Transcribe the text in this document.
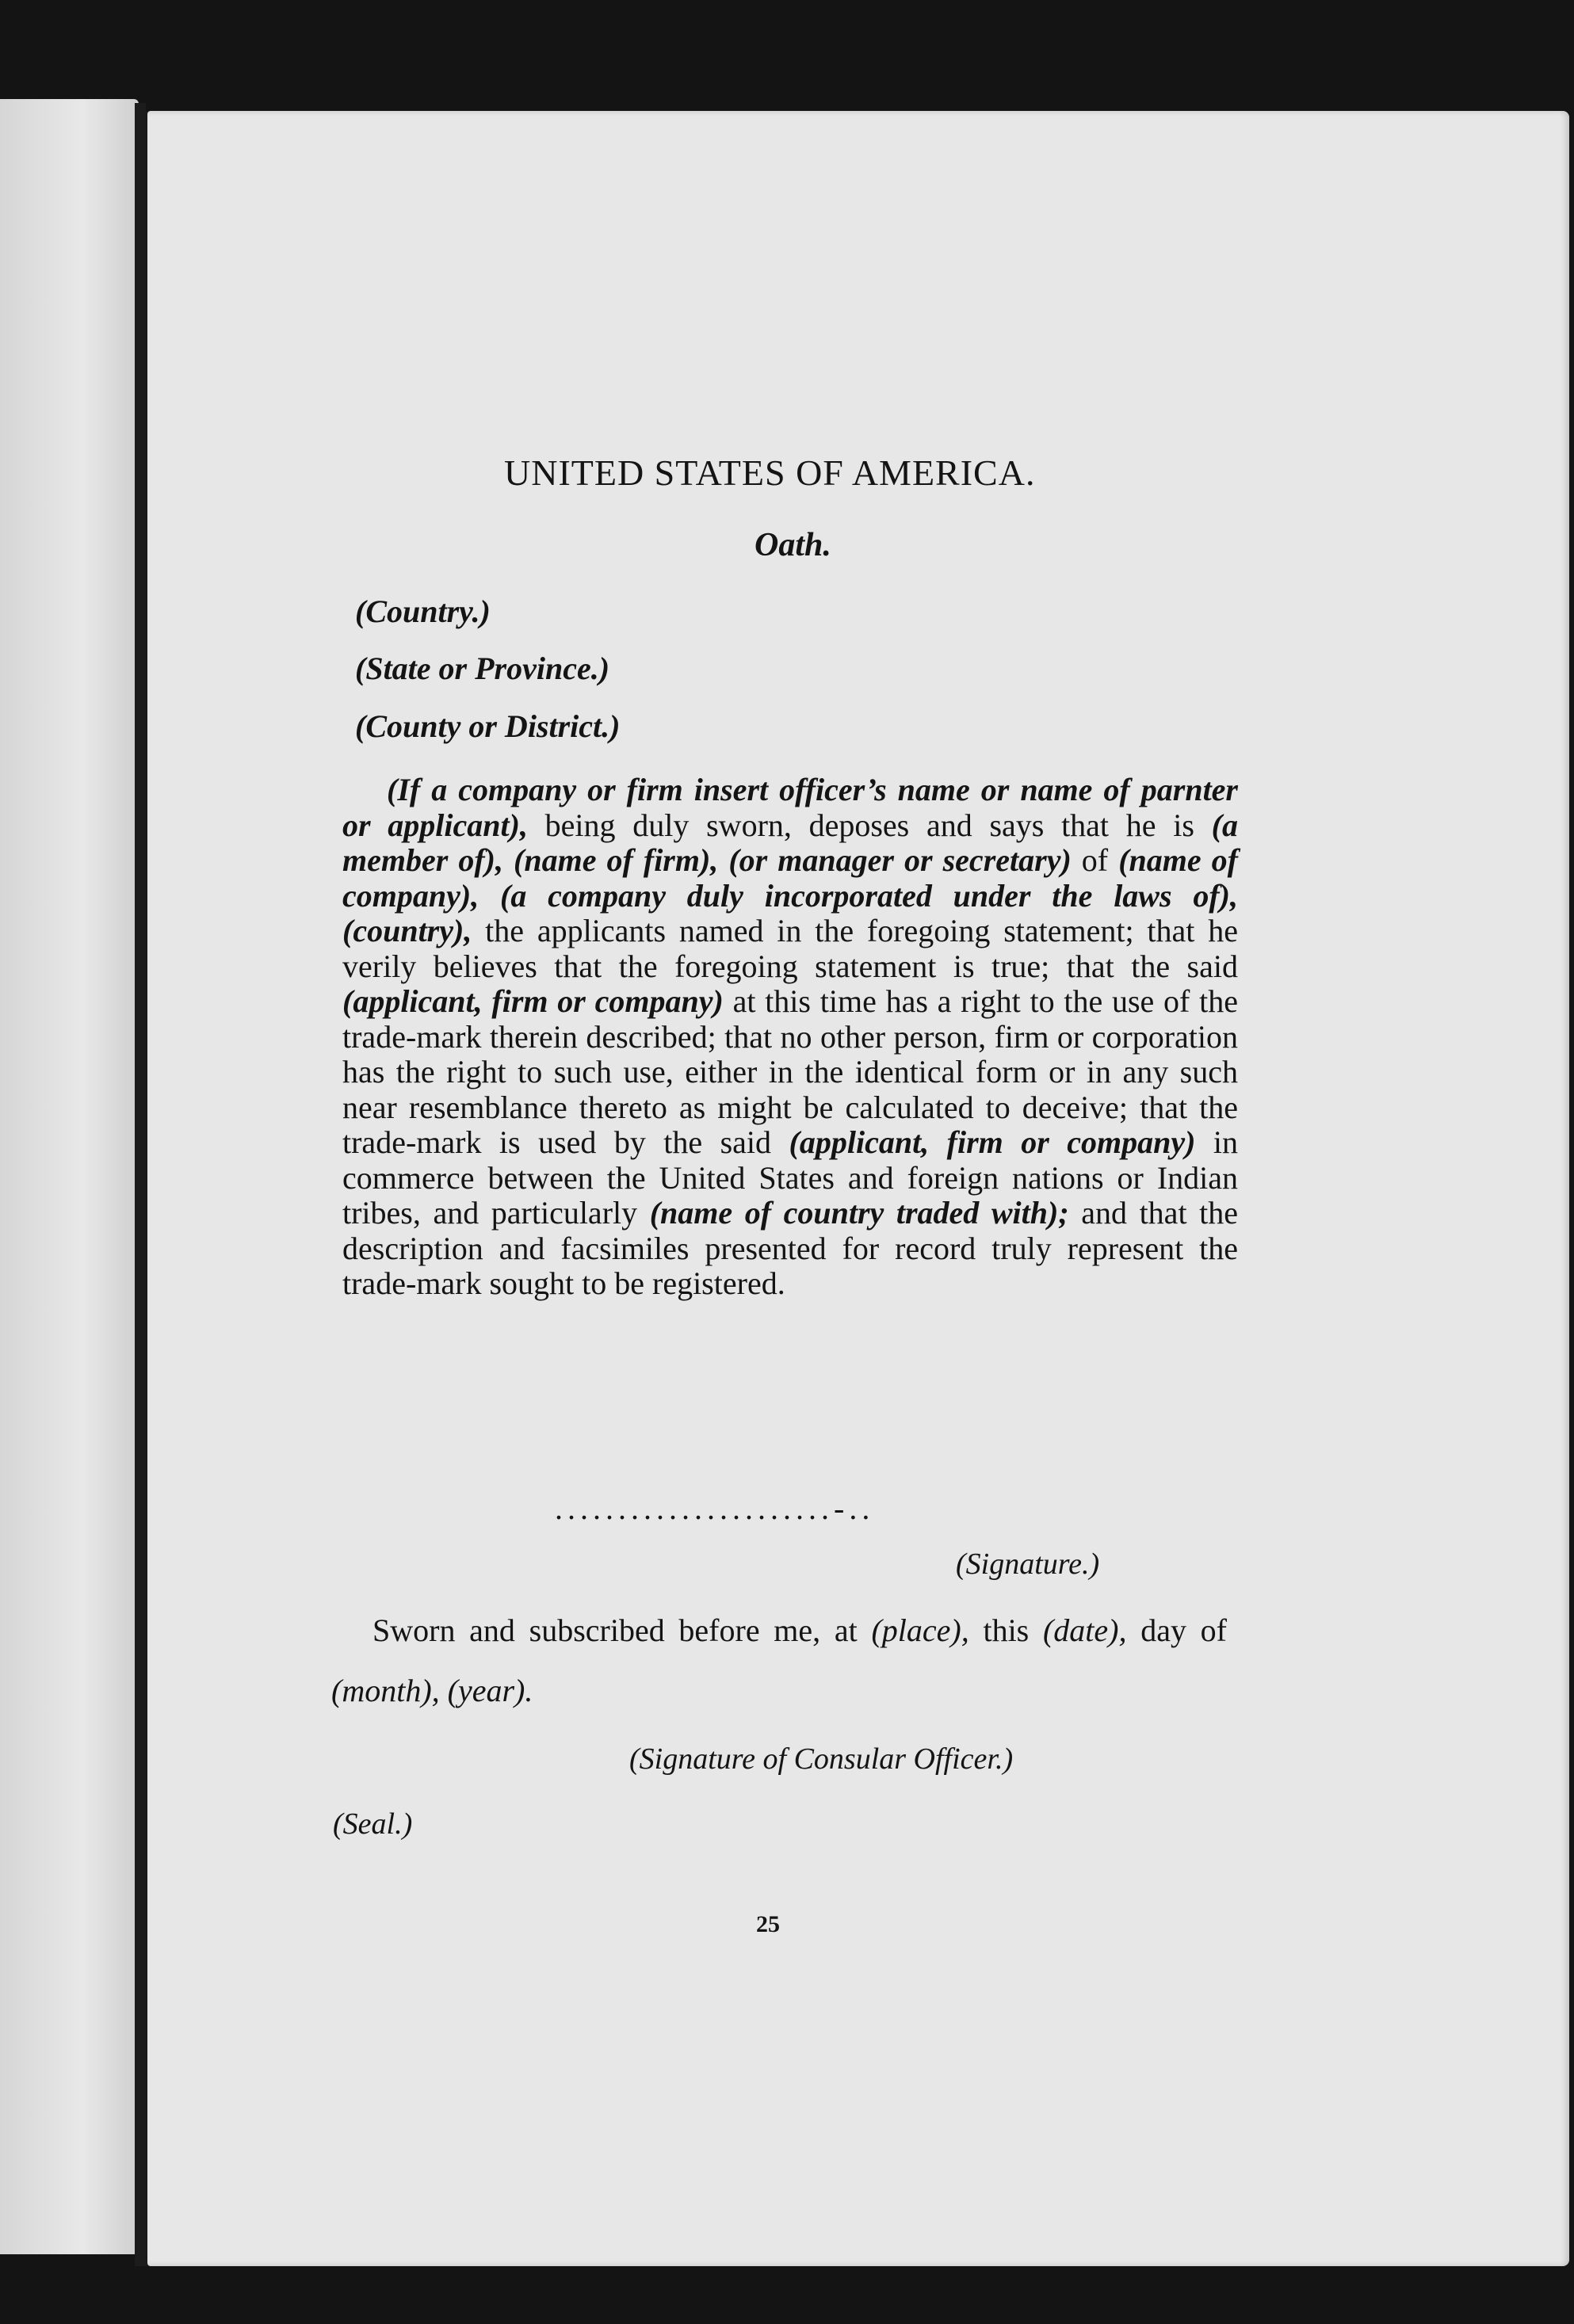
UNITED STATES OF AMERICA.
Oath.
(Country.)
(State or Province.)
(County or District.)
(If a company or firm insert officer’s name or name of parnter or applicant), being duly sworn, deposes and says that he is (a member of), (name of firm), (or manager or secretary) of (name of company), (a company duly incorporated under the laws of), (country), the applicants named in the foregoing statement; that he verily believes that the foregoing statement is true; that the said (applicant, firm or company) at this time has a right to the use of the trade-mark therein described; that no other person, firm or corporation has the right to such use, either in the identical form or in any such near resemblance thereto as might be calculated to deceive; that the trade-mark is used by the said (applicant, firm or company) in commerce between the United States and foreign nations or Indian tribes, and particularly (name of country traded with); and that the description and facsimiles presented for record truly represent the trade-mark sought to be registered.
......................-..
(Signature.)
Sworn and subscribed before me, at (place), this (date), day of (month), (year).
(Signature of Consular Officer.)
(Seal.)
25
